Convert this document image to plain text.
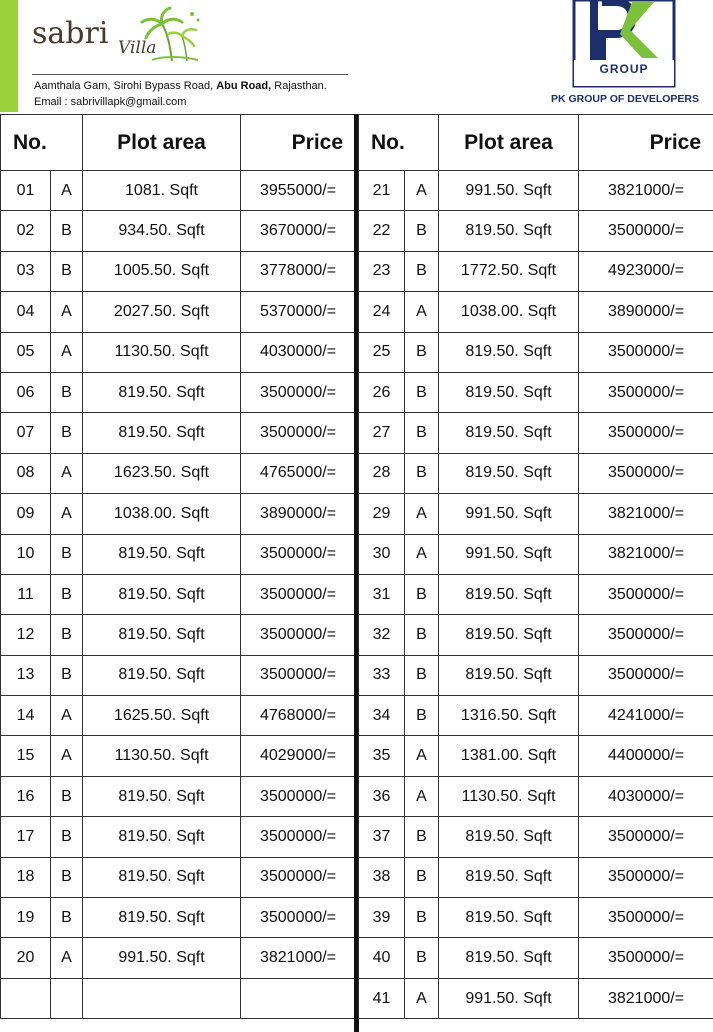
sabri Villa
Aamthala Gam, Sirohi Bypass Road, Abu Road, Rajasthan.
Email : sabrivillapk@gmail.com
GROUP
PK GROUP OF DEVELOPERS
No.		Plot area	Price
01	A	1081. Sqft	3955000/=
02	B	934.50. Sqft	3670000/=
03	B	1005.50. Sqft	3778000/=
04	A	2027.50. Sqft	5370000/=
05	A	1130.50. Sqft	4030000/=
06	B	819.50. Sqft	3500000/=
07	B	819.50. Sqft	3500000/=
08	A	1623.50. Sqft	4765000/=
09	A	1038.00. Sqft	3890000/=
10	B	819.50. Sqft	3500000/=
11	B	819.50. Sqft	3500000/=
12	B	819.50. Sqft	3500000/=
13	B	819.50. Sqft	3500000/=
14	A	1625.50. Sqft	4768000/=
15	A	1130.50. Sqft	4029000/=
16	B	819.50. Sqft	3500000/=
17	B	819.50. Sqft	3500000/=
18	B	819.50. Sqft	3500000/=
19	B	819.50. Sqft	3500000/=
20	A	991.50. Sqft	3821000/=

No.		Plot area	Price
21	A	991.50. Sqft	3821000/=
22	B	819.50. Sqft	3500000/=
23	B	1772.50. Sqft	4923000/=
24	A	1038.00. Sqft	3890000/=
25	B	819.50. Sqft	3500000/=
26	B	819.50. Sqft	3500000/=
27	B	819.50. Sqft	3500000/=
28	B	819.50. Sqft	3500000/=
29	A	991.50. Sqft	3821000/=
30	A	991.50. Sqft	3821000/=
31	B	819.50. Sqft	3500000/=
32	B	819.50. Sqft	3500000/=
33	B	819.50. Sqft	3500000/=
34	B	1316.50. Sqft	4241000/=
35	A	1381.00. Sqft	4400000/=
36	A	1130.50. Sqft	4030000/=
37	B	819.50. Sqft	3500000/=
38	B	819.50. Sqft	3500000/=
39	B	819.50. Sqft	3500000/=
40	B	819.50. Sqft	3500000/=
41	A	991.50. Sqft	3821000/=
